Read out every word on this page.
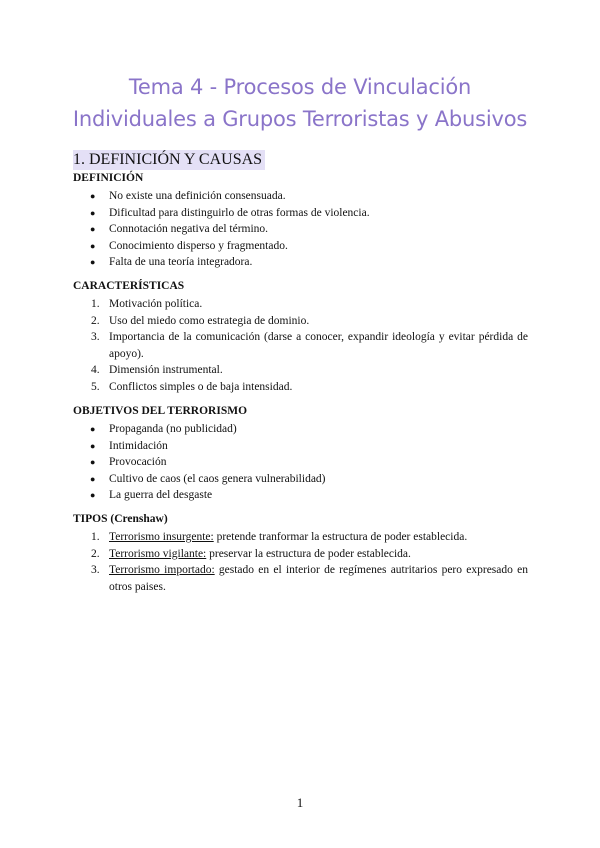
Tema 4 - Procesos de Vinculación
Individuales a Grupos Terroristas y Abusivos
1. DEFINICIÓN Y CAUSAS
DEFINICIÓN
● No existe una definición consensuada.
● Dificultad para distinguirlo de otras formas de violencia.
● Connotación negativa del término.
● Conocimiento disperso y fragmentado.
● Falta de una teoría integradora.
CARACTERÍSTICAS
1. Motivación política.
2. Uso del miedo como estrategia de dominio.
3. Importancia de la comunicación (darse a conocer, expandir ideología y evitar pérdida de apoyo).
4. Dimensión instrumental.
5. Conflictos simples o de baja intensidad.
OBJETIVOS DEL TERRORISMO
● Propaganda (no publicidad)
● Intimidación
● Provocación
● Cultivo de caos (el caos genera vulnerabilidad)
● La guerra del desgaste
TIPOS (Crenshaw)
1. Terrorismo insurgente: pretende tranformar la estructura de poder establecida.
2. Terrorismo vigilante: preservar la estructura de poder establecida.
3. Terrorismo importado: gestado en el interior de regímenes autritarios pero expresado en otros paises.
1
